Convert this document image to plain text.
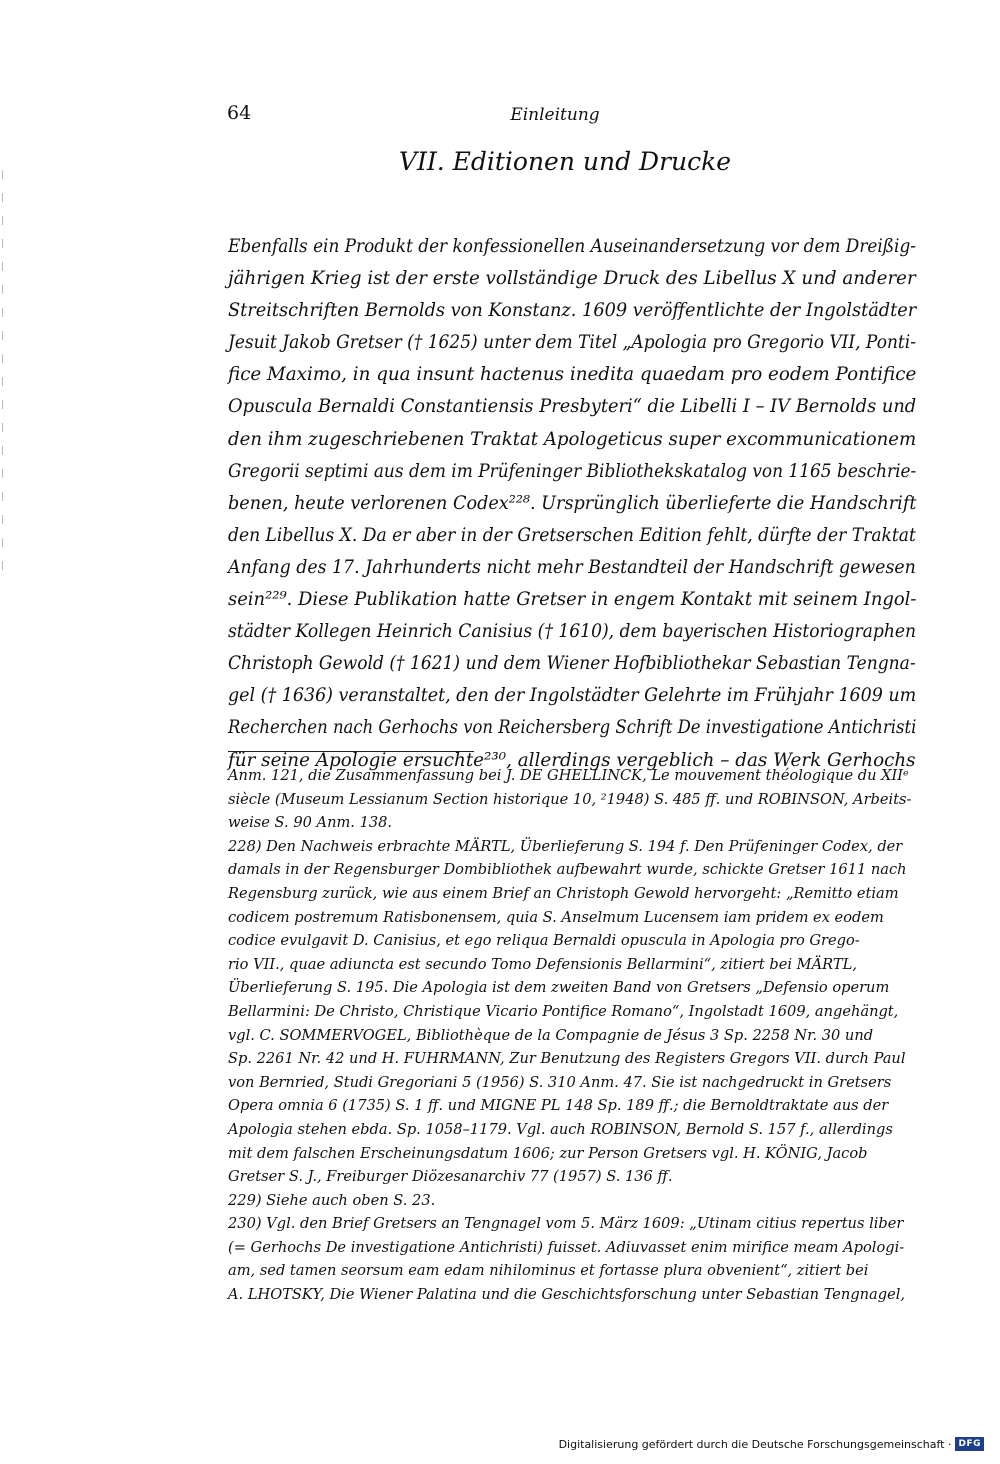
64	Einleitung
VII. Editionen und Drucke
Ebenfalls ein Produkt der konfessionellen Auseinandersetzung vor dem Dreißig-
jährigen Krieg ist der erste vollständige Druck des Libellus X und anderer
Streitschriften Bernolds von Konstanz. 1609 veröffentlichte der Ingolstädter
Jesuit Jakob Gretser († 1625) unter dem Titel „Apologia pro Gregorio VII, Ponti-
fice Maximo, in qua insunt hactenus inedita quaedam pro eodem Pontifice
Opuscula Bernaldi Constantiensis Presbyteri“ die Libelli I – IV Bernolds und
den ihm zugeschriebenen Traktat Apologeticus super excommunicationem
Gregorii septimi aus dem im Prüfeninger Bibliothekskatalog von 1165 beschrie-
benen, heute verlorenen Codex²²⁸. Ursprünglich überlieferte die Handschrift
den Libellus X. Da er aber in der Gretserschen Edition fehlt, dürfte der Traktat
Anfang des 17. Jahrhunderts nicht mehr Bestandteil der Handschrift gewesen
sein²²⁹. Diese Publikation hatte Gretser in engem Kontakt mit seinem Ingol-
städter Kollegen Heinrich Canisius († 1610), dem bayerischen Historiographen
Christoph Gewold († 1621) und dem Wiener Hofbibliothekar Sebastian Tengna-
gel († 1636) veranstaltet, den der Ingolstädter Gelehrte im Frühjahr 1609 um
Recherchen nach Gerhochs von Reichersberg Schrift De investigatione Antichristi
für seine Apologie ersuchte²³⁰, allerdings vergeblich – das Werk Gerhochs
Anm. 121, die Zusammenfassung bei J. DE GHELLINCK, Le mouvement théologique du XIIᵉ
siècle (Museum Lessianum Section historique 10, ²1948) S. 485 ff. und ROBINSON, Arbeits-
weise S. 90 Anm. 138.
228) Den Nachweis erbrachte MÄRTL, Überlieferung S. 194 f. Den Prüfeninger Codex, der
damals in der Regensburger Dombibliothek aufbewahrt wurde, schickte Gretser 1611 nach
Regensburg zurück, wie aus einem Brief an Christoph Gewold hervorgeht: „Remitto etiam
codicem postremum Ratisbonensem, quia S. Anselmum Lucensem iam pridem ex eodem
codice evulgavit D. Canisius, et ego reliqua Bernaldi opuscula in Apologia pro Grego-
rio VII., quae adiuncta est secundo Tomo Defensionis Bellarmini“, zitiert bei MÄRTL,
Überlieferung S. 195. Die Apologia ist dem zweiten Band von Gretsers „Defensio operum
Bellarmini: De Christo, Christique Vicario Pontifice Romano“, Ingolstadt 1609, angehängt,
vgl. C. SOMMERVOGEL, Bibliothèque de la Compagnie de Jésus 3 Sp. 2258 Nr. 30 und
Sp. 2261 Nr. 42 und H. FUHRMANN, Zur Benutzung des Registers Gregors VII. durch Paul
von Bernried, Studi Gregoriani 5 (1956) S. 310 Anm. 47. Sie ist nachgedruckt in Gretsers
Opera omnia 6 (1735) S. 1 ff. und MIGNE PL 148 Sp. 189 ff.; die Bernoldtraktate aus der
Apologia stehen ebda. Sp. 1058–1179. Vgl. auch ROBINSON, Bernold S. 157 f., allerdings
mit dem falschen Erscheinungsdatum 1606; zur Person Gretsers vgl. H. KÖNIG, Jacob
Gretser S. J., Freiburger Diözesanarchiv 77 (1957) S. 136 ff.
229) Siehe auch oben S. 23.
230) Vgl. den Brief Gretsers an Tengnagel vom 5. März 1609: „Utinam citius repertus liber
(= Gerhochs De investigatione Antichristi) fuisset. Adiuvasset enim mirifice meam Apologi-
am, sed tamen seorsum eam edam nihilominus et fortasse plura obvenient“, zitiert bei
A. LHOTSKY, Die Wiener Palatina und die Geschichtsforschung unter Sebastian Tengnagel,
Digitalisierung gefördert durch die Deutsche Forschungsgemeinschaft · DFG
